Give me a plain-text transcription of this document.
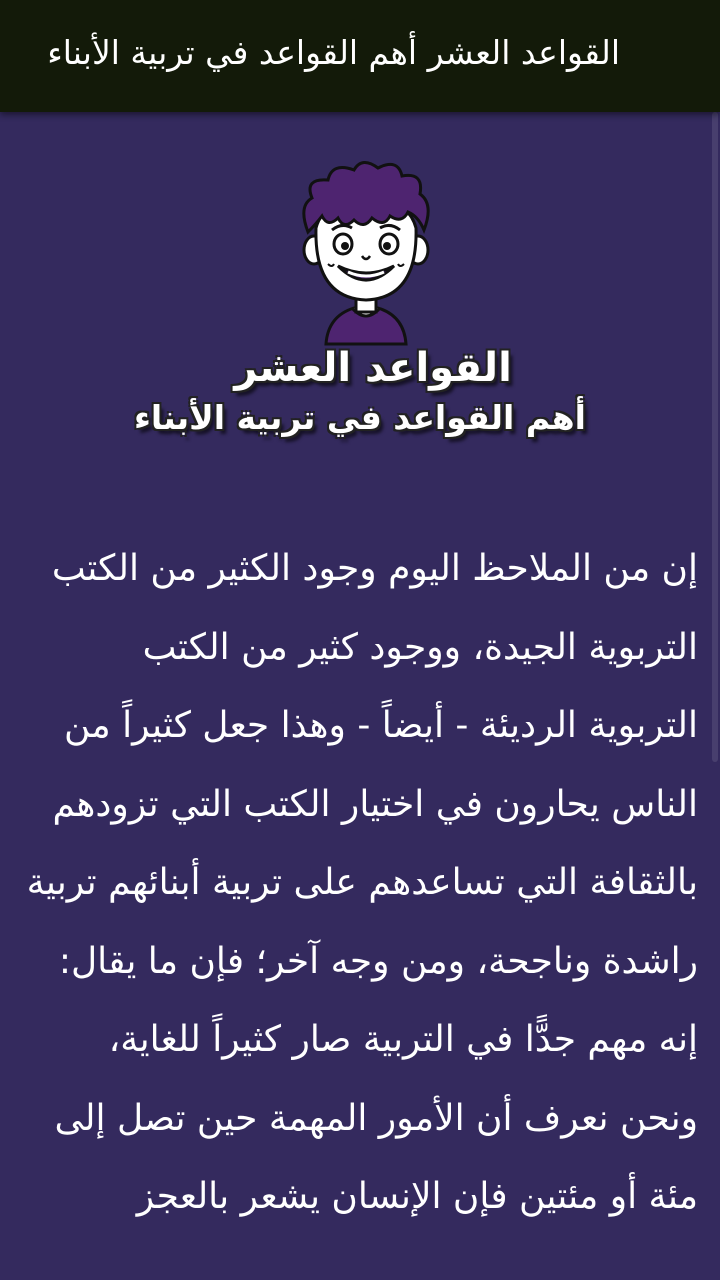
القواعد العشر أهم القواعد في تربية الأبناء
القواعد العشر
أهم القواعد في تربية الأبناء

إن من الملاحظ اليوم وجود الكثير من الكتب التربوية الجيدة، ووجود كثير من الكتب التربوية الرديئة - أيضاً - وهذا جعل كثيراً من الناس يحارون في اختيار الكتب التي تزودهم بالثقافة التي تساعدهم على تربية أبنائهم تربية راشدة وناجحة، ومن وجه آخر؛ فإن ما يقال: إنه مهم جدًّا في التربية صار كثيراً للغاية، ونحن نعرف أن الأمور المهمة حين تصل إلى مئة أو مئتين فإن الإنسان يشعر بالعجز
